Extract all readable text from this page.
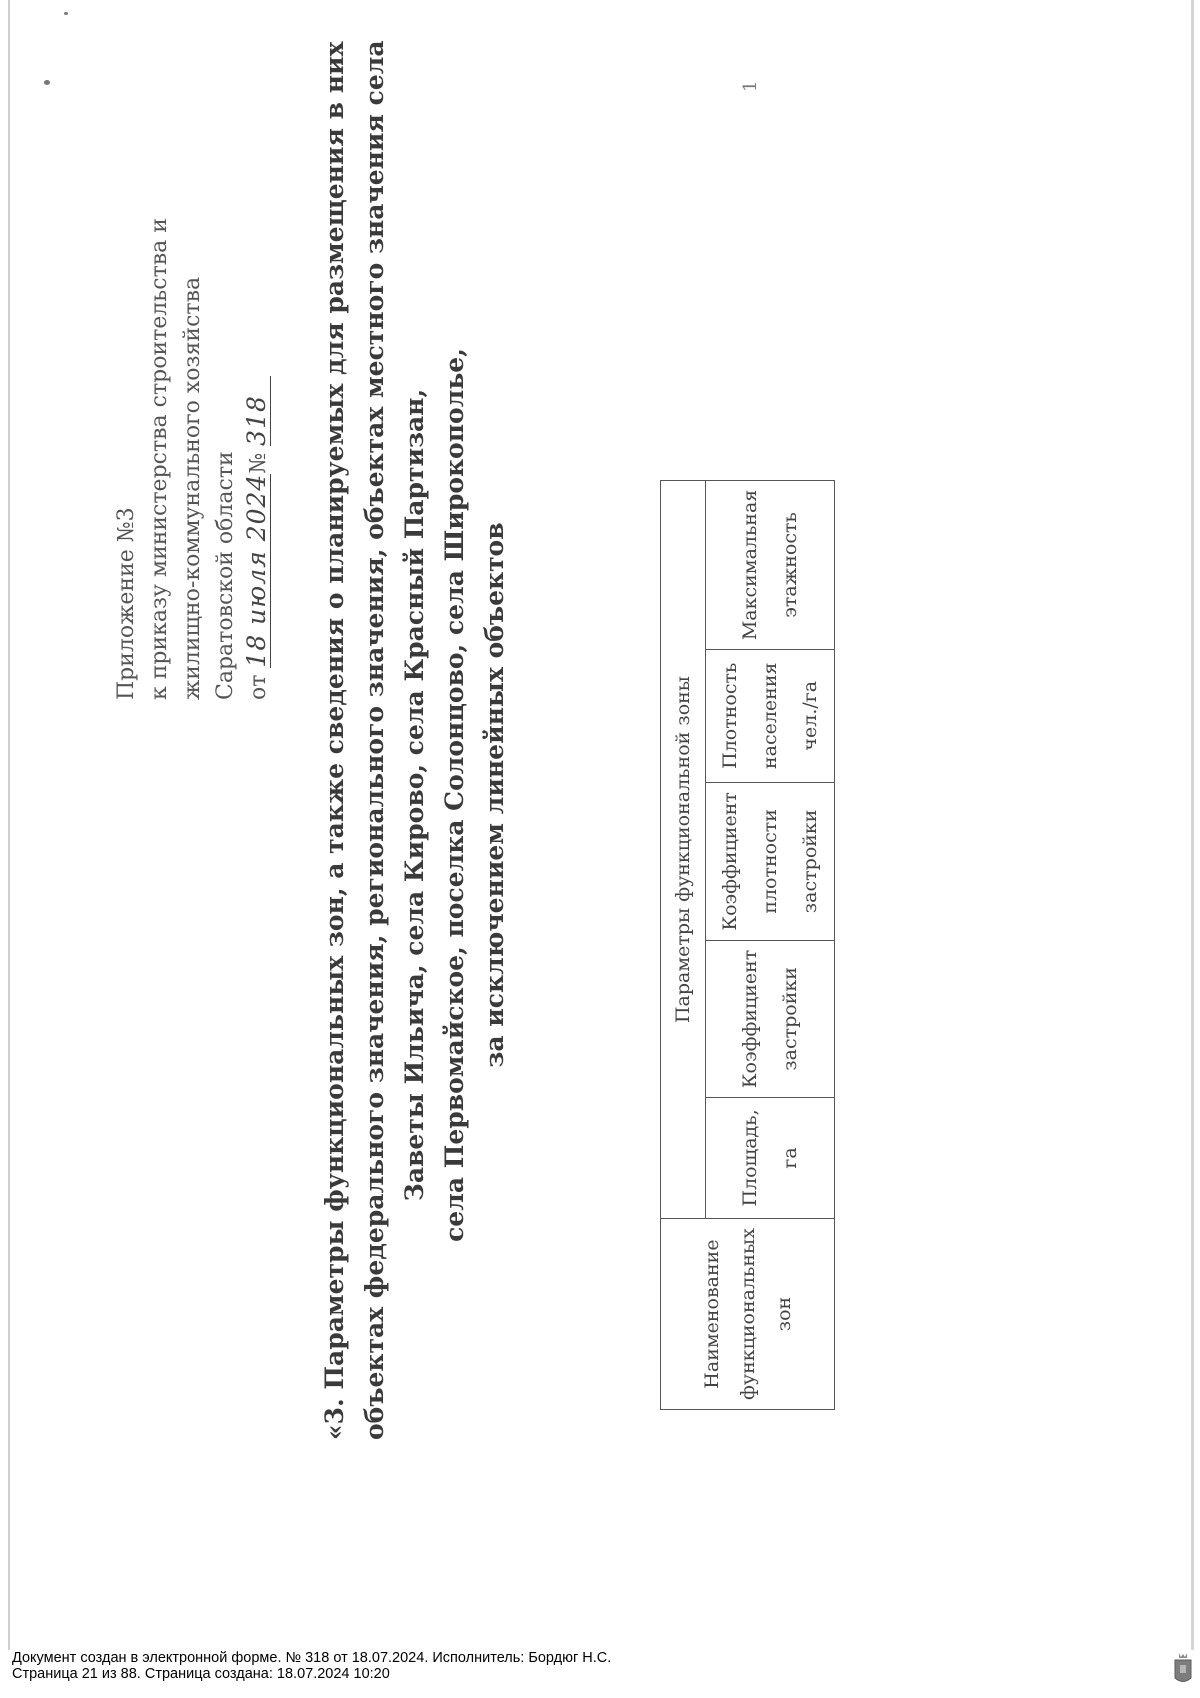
1
Приложение №3 к приказу министерства строительства и жилищно-коммунального хозяйства Саратовской области от 18 июля 2024№ 318 «3. Параметры функциональных зон, а также сведения о планируемых для размещения в них объектах федерального значения, регионального значения, объектах местного значения села Заветы Ильича, села Кирово, села Красный Партизан, села Первомайское, поселка Солонцово, села Широкополье, за исключением линейных объектов
Наименование функциональных зон	Параметры функциональной зоны				
	Площадь, га	Коэффициент застройки	Коэффициент плотности застройки	Плотность населения чел./га	Максимальная этажность
Документ создан в электронной форме. № 318 от 18.07.2024. Исполнитель: Бордюг Н.С.
Страница 21 из 88. Страница создана: 18.07.2024 10:20
